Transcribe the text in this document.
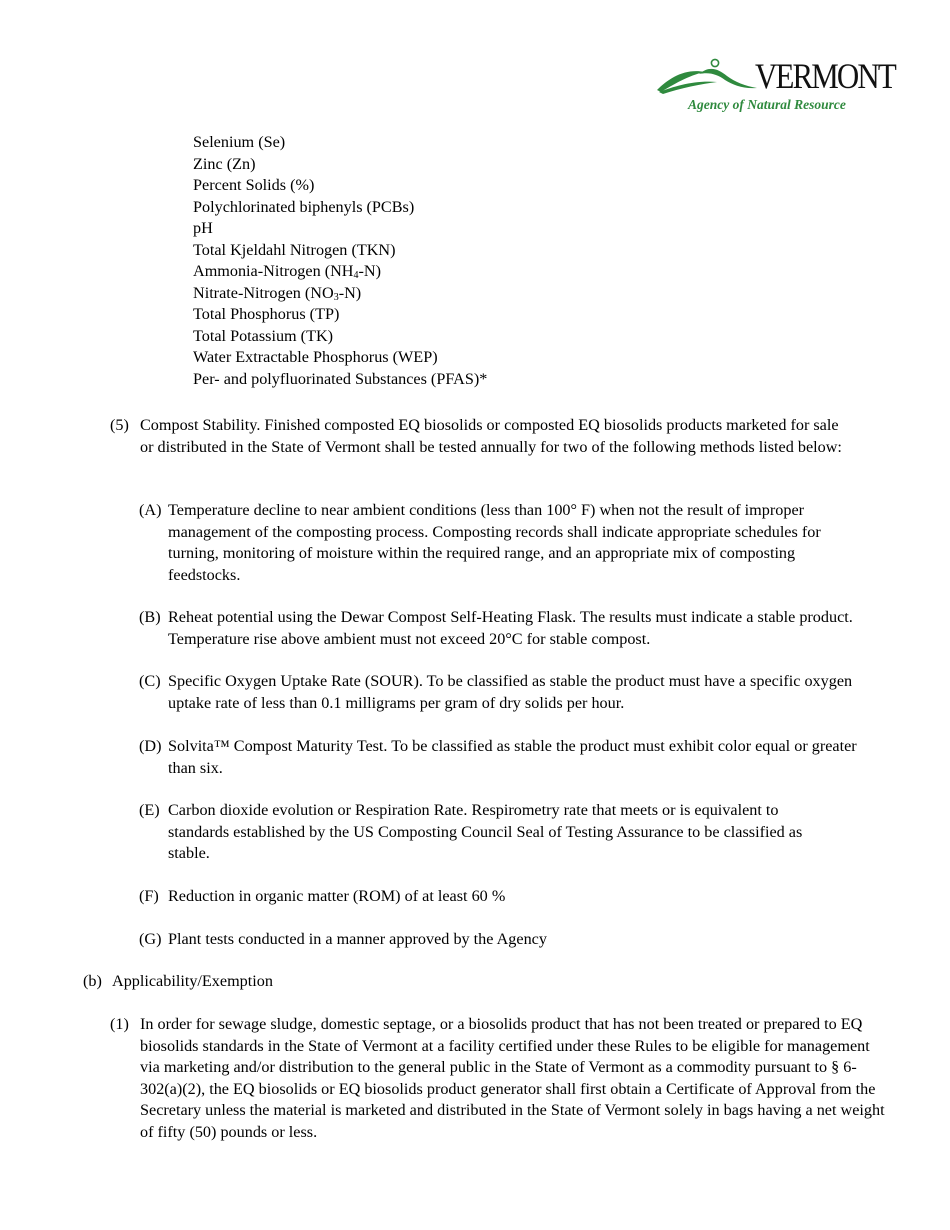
VERMONT
Agency of Natural Resource
Selenium (Se)
Zinc (Zn)
Percent Solids (%)
Polychlorinated biphenyls (PCBs)
pH
Total Kjeldahl Nitrogen (TKN)
Ammonia-Nitrogen $(NH_4-N)$
Nitrate-Nitrogen $(NO_3-N)$
Total Phosphorus (TP)
Total Potassium (TK)
Water Extractable Phosphorus (WEP)
Per- and polyfluorinated Substances (PFAS)*
(5) Compost Stability. Finished composted EQ biosolids or composted EQ biosolids products marketed for sale or distributed in the State of Vermont shall be tested annually for two of the following methods listed below:
(A) Temperature decline to near ambient conditions (less than 100° F) when not the result of improper management of the composting process. Composting records shall indicate appropriate schedules for turning, monitoring of moisture within the required range, and an appropriate mix of composting feedstocks.
(B) Reheat potential using the Dewar Compost Self-Heating Flask. The results must indicate a stable product. Temperature rise above ambient must not exceed 20°C for stable compost.
(C) Specific Oxygen Uptake Rate (SOUR). To be classified as stable the product must have a specific oxygen uptake rate of less than 0.1 milligrams per gram of dry solids per hour.
(D) Solvita™ Compost Maturity Test. To be classified as stable the product must exhibit color equal or greater than six.
(E) Carbon dioxide evolution or Respiration Rate. Respirometry rate that meets or is equivalent to standards established by the US Composting Council Seal of Testing Assurance to be classified as stable.
(F) Reduction in organic matter (ROM) of at least 60 %
(G) Plant tests conducted in a manner approved by the Agency
(b) Applicability/Exemption
(1) In order for sewage sludge, domestic septage, or a biosolids product that has not been treated or prepared to EQ biosolids standards in the State of Vermont at a facility certified under these Rules to be eligible for management via marketing and/or distribution to the general public in the State of Vermont as a commodity pursuant to § 6-302(a)(2), the EQ biosolids or EQ biosolids product generator shall first obtain a Certificate of Approval from the Secretary unless the material is marketed and distributed in the State of Vermont solely in bags having a net weight of fifty (50) pounds or less.
